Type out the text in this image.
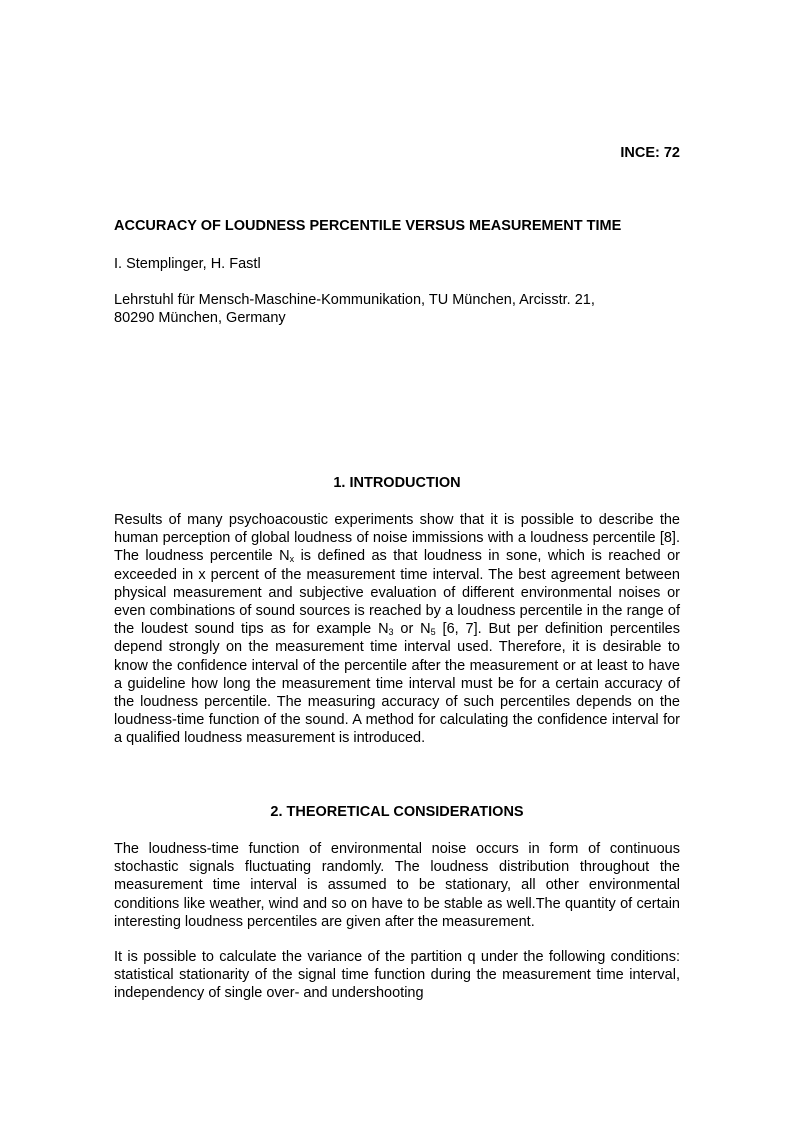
INCE: 72
ACCURACY OF LOUDNESS PERCENTILE VERSUS MEASUREMENT TIME
I. Stemplinger, H. Fastl
Lehrstuhl für Mensch-Maschine-Kommunikation, TU München, Arcisstr. 21,
80290 München, Germany
1. INTRODUCTION

Results of many psychoacoustic experiments show that it is possible to describe the human perception of global loudness of noise immissions with a loudness percentile [8]. The loudness percentile $N_x$ is defined as that loudness in sone, which is reached or exceeded in x percent of the measurement time interval. The best agreement between physical measurement and subjective evaluation of different environmental noises or even combinations of sound sources is reached by a loudness percentile in the range of the loudest sound tips as for example $N_3$ or $N_5$ [6, 7]. But per definition percentiles depend strongly on the measurement time interval used. Therefore, it is desirable to know the confidence interval of the percentile after the measurement or at least to have a guideline how long the measurement time interval must be for a certain accuracy of the loudness percentile. The measuring accuracy of such percentiles depends on the loudness-time function of the sound. A method for calculating the confidence interval for a qualified loudness measurement is introduced.

2. THEORETICAL CONSIDERATIONS

The loudness-time function of environmental noise occurs in form of continuous stochastic signals fluctuating randomly. The loudness distribution throughout the measurement time interval is assumed to be stationary, all other environmental conditions like weather, wind and so on have to be stable as well.The quantity of certain interesting loudness percentiles are given after the measurement.

It is possible to calculate the variance of the partition q under the following conditions: statistical stationarity of the signal time function during the measurement time interval, independency of single over- and undershooting
